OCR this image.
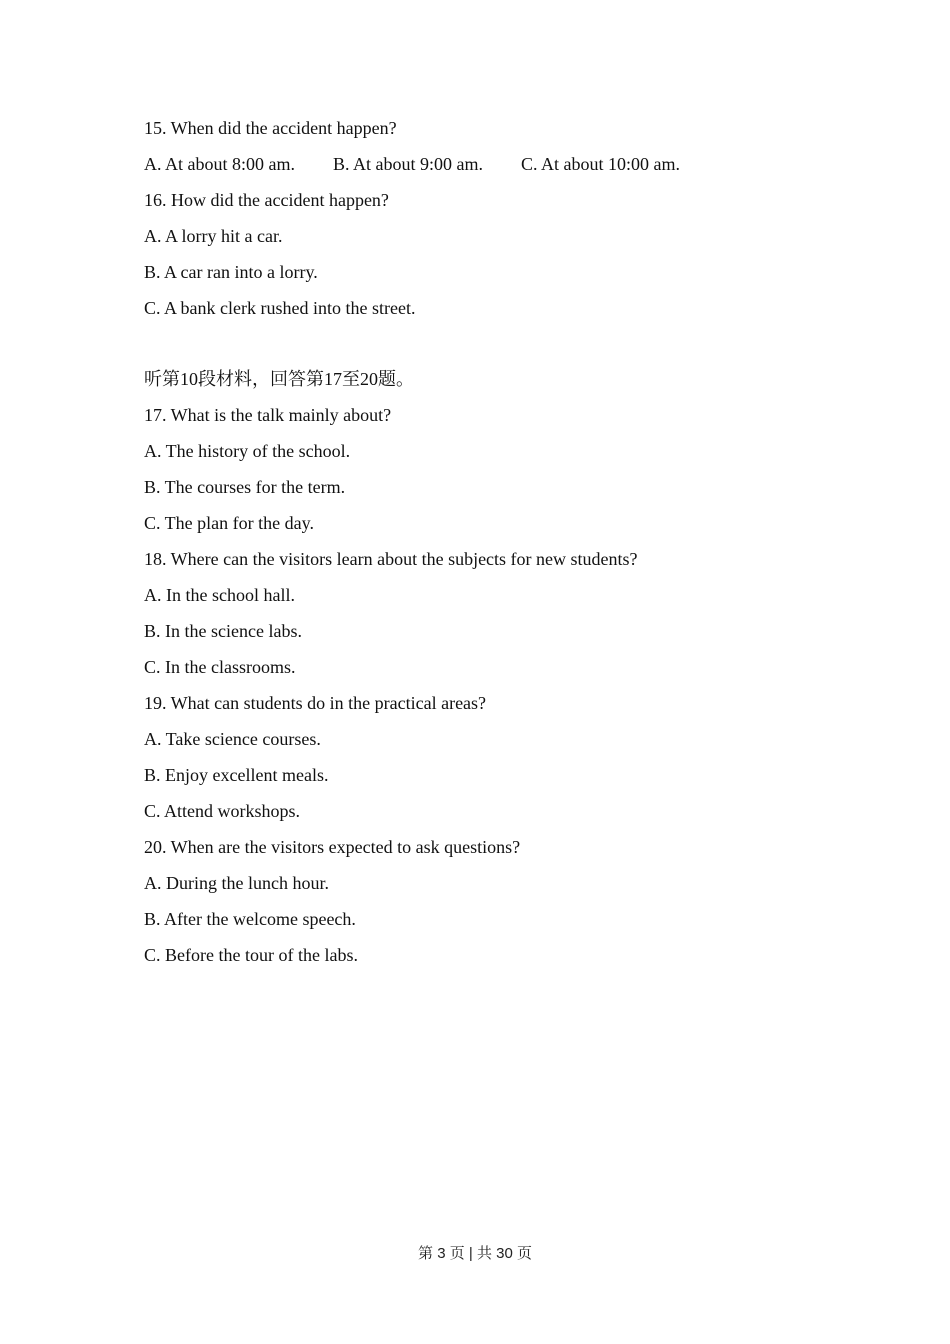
15. When did the accident happen?
A. At about 8:00 am.	B. At about 9:00 am.	C. At about 10:00 am.
16. How did the accident happen?
A. A lorry hit a car.
B. A car ran into a lorry.
C. A bank clerk rushed into the street.
听第10段材料，回答第17至20题。
17. What is the talk mainly about?
A. The history of the school.
B. The courses for the term.
C. The plan for the day.
18. Where can the visitors learn about the subjects for new students?
A. In the school hall.
B. In the science labs.
C. In the classrooms.
19. What can students do in the practical areas?
A. Take science courses.
B. Enjoy excellent meals.
C. Attend workshops.
20. When are the visitors expected to ask questions?
A. During the lunch hour.
B. After the welcome speech.
C. Before the tour of the labs.
第 3 页 | 共 30 页
